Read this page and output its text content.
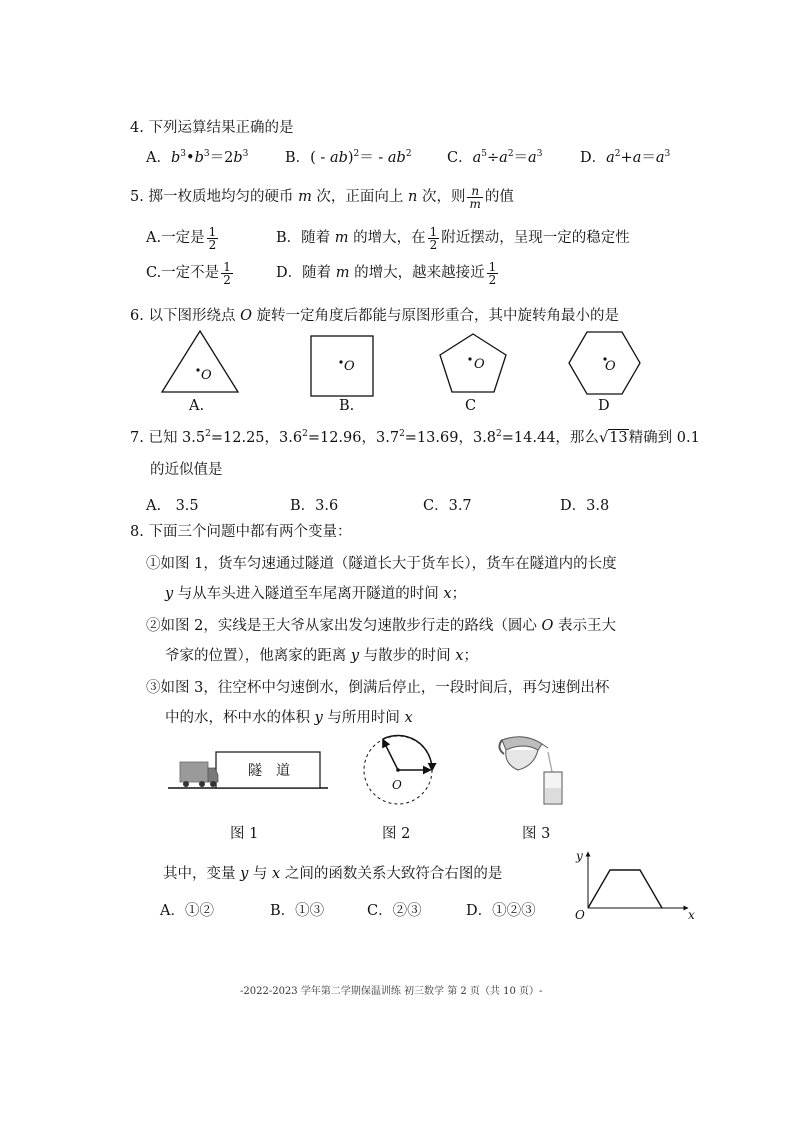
4. 下列运算结果正确的是
A．$b^3•b^3=2b^3$	B．( ‑ ab)$^2$＝ ‑ $ab^2$ C．$a^5\div a^2=a^3$	D．$a^2+a=a^3$
5. 掷一枚质地均匀的硬币 m 次，正面向上 n 次，则 $\frac{n}{m}$ 的值
A.一定是 $\frac{1}{2}$	B．随着 m 的增大，在 $\frac{1}{2}$ 附近摆动，呈现一定的稳定性
C.一定不是 $\frac{1}{2}$	D．随着 m 的增大，越来越接近 $\frac{1}{2}$
6. 以下图形绕点 O 旋转一定角度后都能与原图形重合，其中旋转角最小的是
O
O	O	O
A.	B.	C	D
7. 已知 $3.5^2=12.25$，$3.6^2=12.96$，$3.7^2=13.69$，$3.8^2=14.44$，那么√13精确到 0.1
的近似值是
A.　3.5	B．3.6	C．3.7	D．3.8
8. 下面三个问题中都有两个变量：
①如图 1，货车匀速通过隧道（隧道长大于货车长），货车在隧道内的长度
y 与从车头进入隧道至车尾离开隧道的时间 x；
②如图 2，实线是王大爷从家出发匀速散步行走的路线（圆心 O 表示王大
爷家的位置），他离家的距离 y 与散步的时间 x；
③如图 3，往空杯中匀速倒水，倒满后停止，一段时间后，再匀速倒出杯
中的水，杯中水的体积 y 与所用时间 x
隧　道
O
图 1	图 2	图 3
其中，变量 y 与 x 之间的函数关系大致符合右图的是
A．①②	B．①③	C．②③	D．①②③
y
x
O
-2022-2023 学年第二学期保温训练 初三数学 第 2 页（共 10 页）-
